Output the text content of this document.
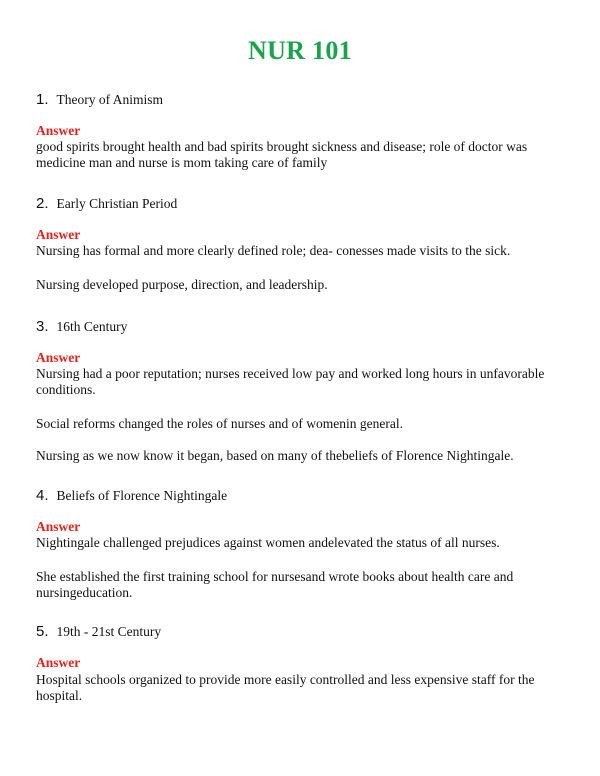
NUR 101
1. Theory of Animism
Answer
good spirits brought health and bad spirits brought sickness and disease; role of doctor was medicine man and nurse is mom taking care of family
2. Early Christian Period
Answer
Nursing has formal and more clearly defined role; dea- conesses made visits to the sick.
Nursing developed purpose, direction, and leadership.
3. 16th Century
Answer
Nursing had a poor reputation; nurses received low pay and worked long hours in unfavorable conditions.
Social reforms changed the roles of nurses and of womenin general.
Nursing as we now know it began, based on many of thebeliefs of Florence Nightingale.
4. Beliefs of Florence Nightingale
Answer
Nightingale challenged prejudices against women andelevated the status of all nurses.
She established the first training school for nursesand wrote books about health care and nursingeducation.
5. 19th - 21st Century
Answer
Hospital schools organized to provide more easily controlled and less expensive staff for the hospital.
